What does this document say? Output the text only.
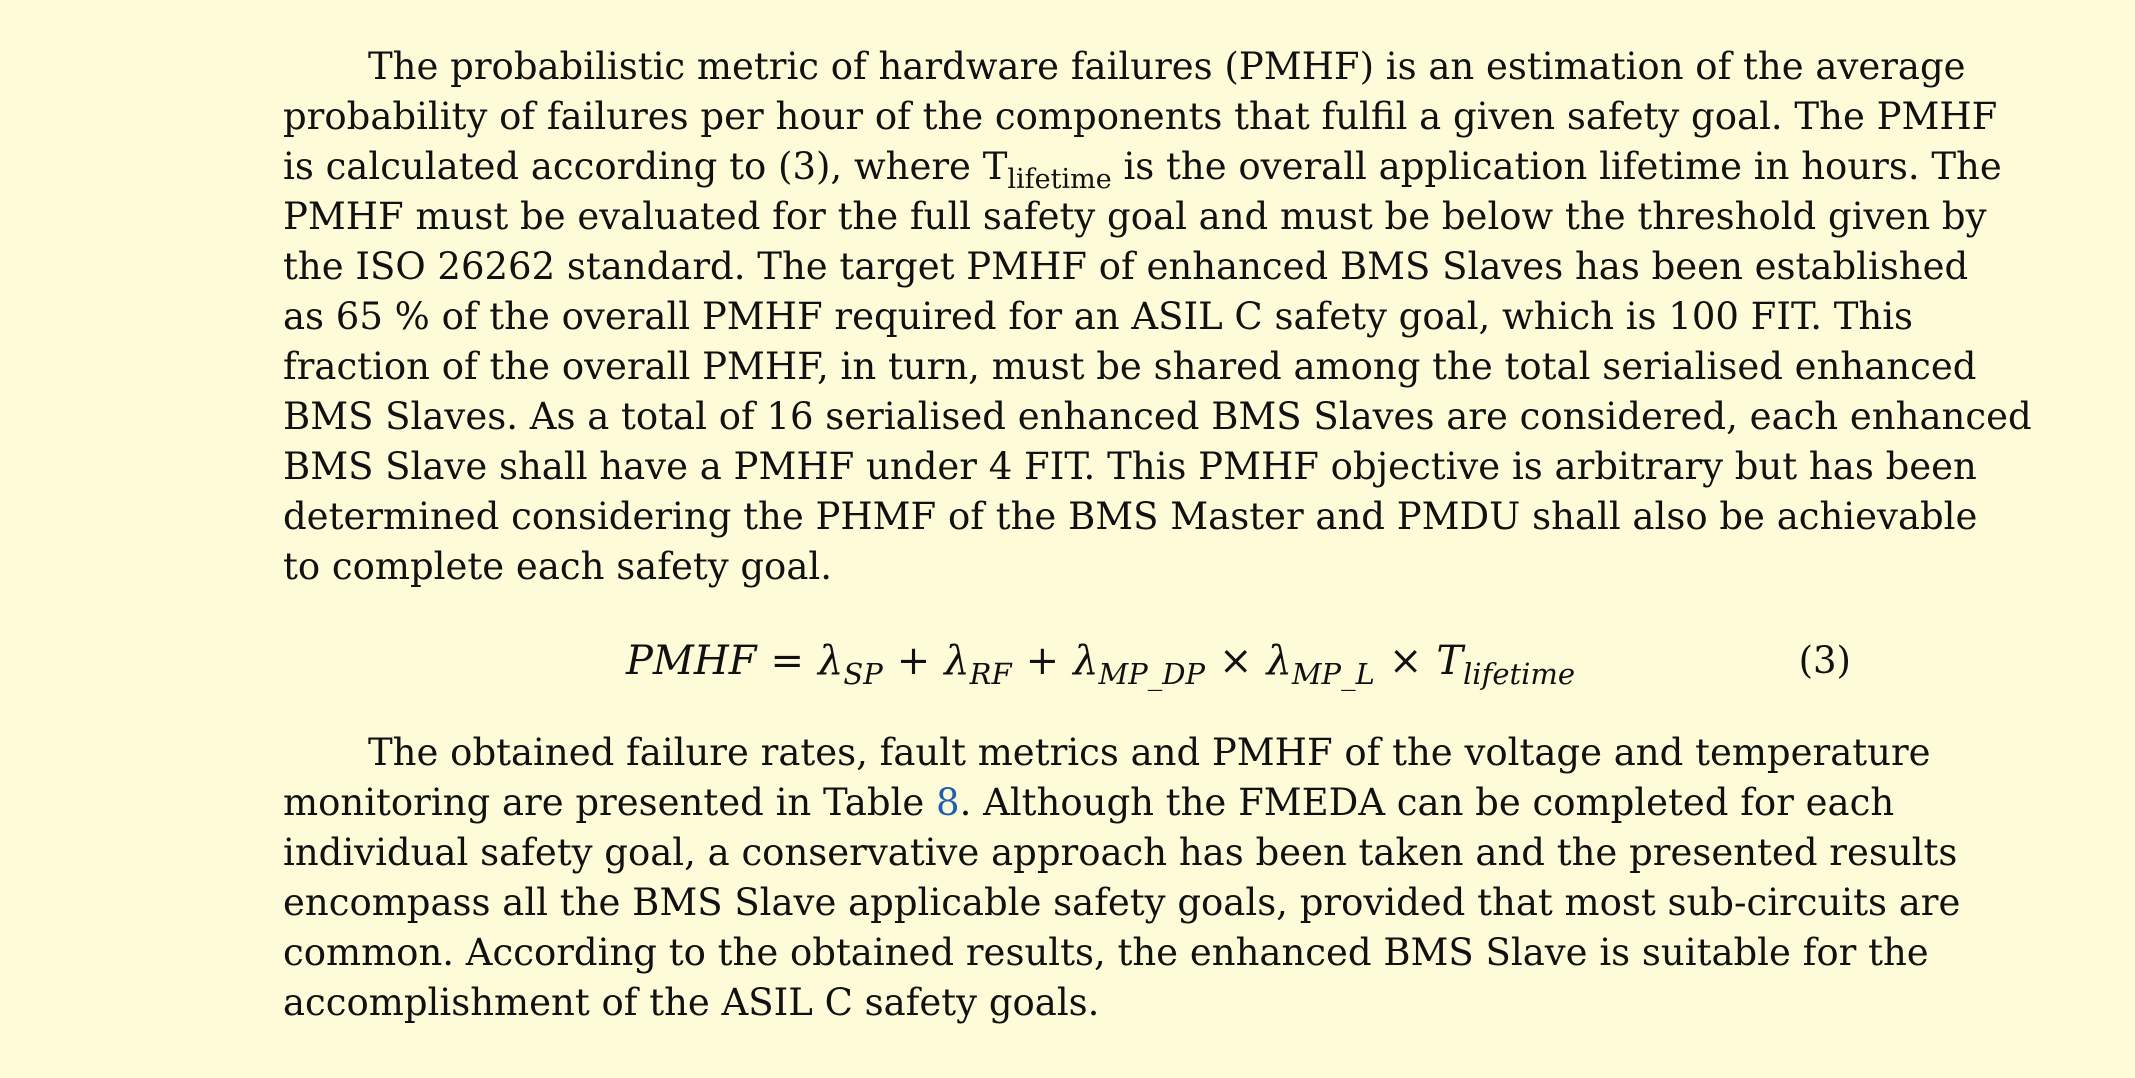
The probabilistic metric of hardware failures (PMHF) is an estimation of the average
probability of failures per hour of the components that fulfil a given safety goal. The PMHF
is calculated according to (3), where $T_{lifetime}$ is the overall application lifetime in hours. The
PMHF must be evaluated for the full safety goal and must be below the threshold given by
the ISO 26262 standard. The target PMHF of enhanced BMS Slaves has been established
as 65 % of the overall PMHF required for an ASIL C safety goal, which is 100 FIT. This
fraction of the overall PMHF, in turn, must be shared among the total serialised enhanced
BMS Slaves. As a total of 16 serialised enhanced BMS Slaves are considered, each enhanced
BMS Slave shall have a PMHF under 4 FIT. This PMHF objective is arbitrary but has been
determined considering the PHMF of the BMS Master and PMDU shall also be achievable
to complete each safety goal.
PMHF = $\lambda_{SP} + \lambda_{RF} + \lambda_{MP\_DP} \times \lambda_{MP\_L} \times T_{lifetime}$	(3)
The obtained failure rates, fault metrics and PMHF of the voltage and temperature
monitoring are presented in Table 8. Although the FMEDA can be completed for each
individual safety goal, a conservative approach has been taken and the presented results
encompass all the BMS Slave applicable safety goals, provided that most sub-circuits are
common. According to the obtained results, the enhanced BMS Slave is suitable for the
accomplishment of the ASIL C safety goals.
